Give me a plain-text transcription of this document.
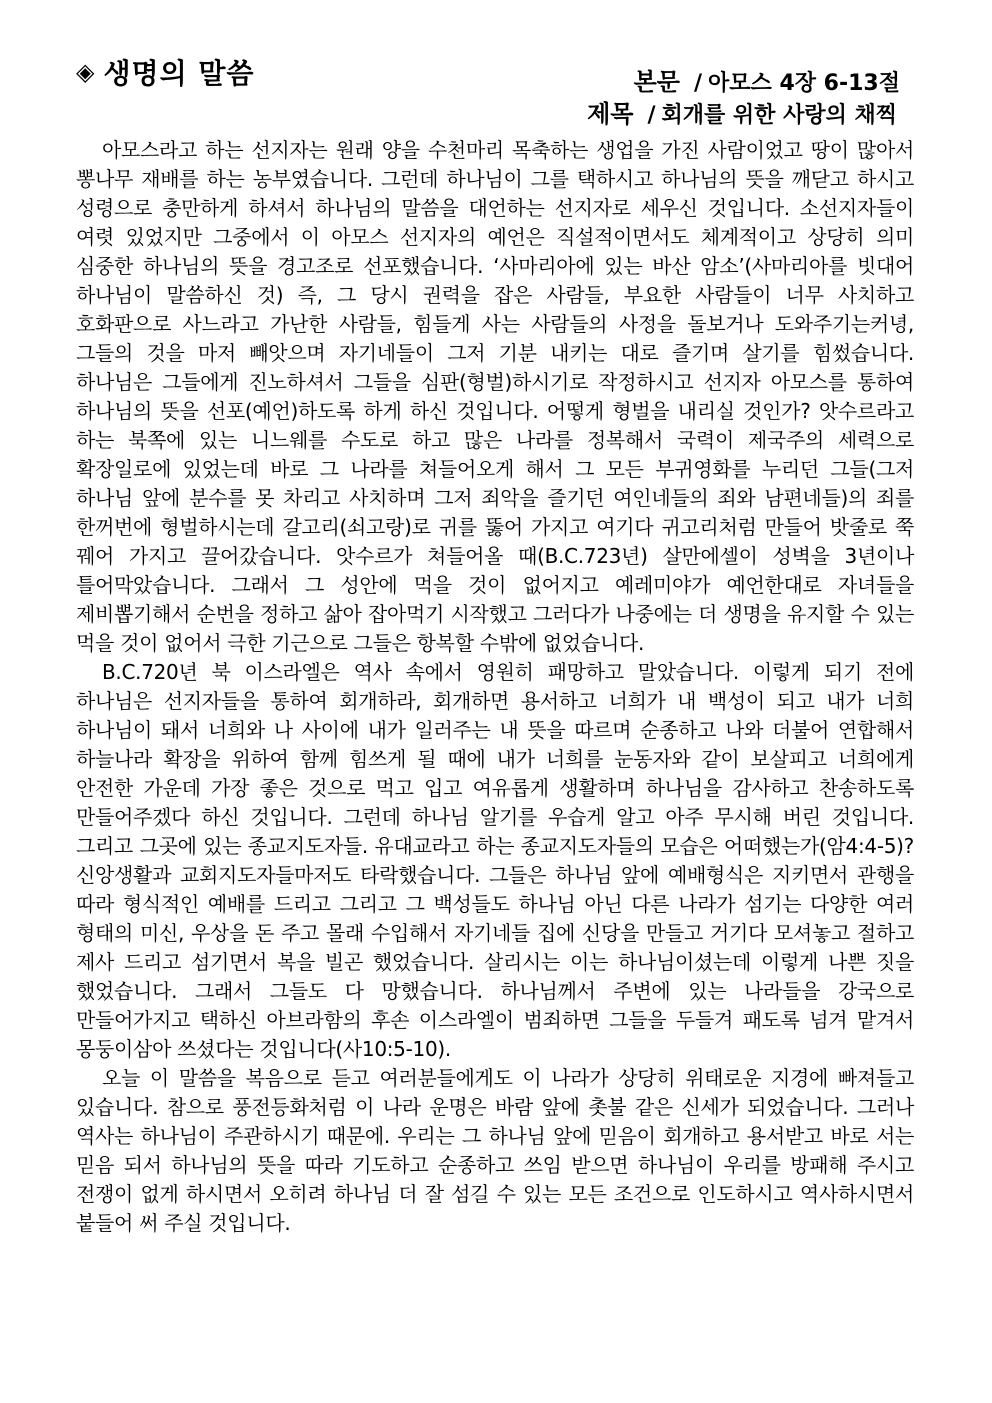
◈ 생명의 말씀	본문 / 아모스 4장 6-13절
제목 / 회개를 위한 사랑의 채찍

아모스라고 하는 선지자는 원래 양을 수천마리 목축하는 생업을 가진 사람이었고 땅이 많아서 뽕나무 재배를 하는 농부였습니다. 그런데 하나님이 그를 택하시고 하나님의 뜻을 깨닫고 하시고 성령으로 충만하게 하셔서 하나님의 말씀을 대언하는 선지자로 세우신 것입니다. 소선지자들이 여렷 있었지만 그중에서 이 아모스 선지자의 예언은 직설적이면서도 체계적이고 상당히 의미 심중한 하나님의 뜻을 경고조로 선포했습니다. ‘사마리아에 있는 바산 암소’(사마리아를 빗대어 하나님이 말씀하신 것) 즉, 그 당시 권력을 잡은 사람들, 부요한 사람들이 너무 사치하고 호화판으로 사느라고 가난한 사람들, 힘들게 사는 사람들의 사정을 돌보거나 도와주기는커녕, 그들의 것을 마저 빼앗으며 자기네들이 그저 기분 내키는 대로 즐기며 살기를 힘썼습니다. 하나님은 그들에게 진노하셔서 그들을 심판(형벌)하시기로 작정하시고 선지자 아모스를 통하여 하나님의 뜻을 선포(예언)하도록 하게 하신 것입니다. 어떻게 형벌을 내리실 것인가? 앗수르라고 하는 북쪽에 있는 니느웨를 수도로 하고 많은 나라를 정복해서 국력이 제국주의 세력으로 확장일로에 있었는데 바로 그 나라를 쳐들어오게 해서 그 모든 부귀영화를 누리던 그들(그저 하나님 앞에 분수를 못 차리고 사치하며 그저 죄악을 즐기던 여인네들의 죄와 남편네들)의 죄를 한꺼번에 형벌하시는데 갈고리(쇠고랑)로 귀를 뚫어 가지고 여기다 귀고리처럼 만들어 밧줄로 쭉 꿰어 가지고 끌어갔습니다. 앗수르가 쳐들어올 때(B.C.723년) 살만에셀이 성벽을 3년이나 틀어막았습니다. 그래서 그 성안에 먹을 것이 없어지고 예레미야가 예언한대로 자녀들을 제비뽑기해서 순번을 정하고 삶아 잡아먹기 시작했고 그러다가 나중에는 더 생명을 유지할 수 있는 먹을 것이 없어서 극한 기근으로 그들은 항복할 수밖에 없었습니다.

B.C.720년 북 이스라엘은 역사 속에서 영원히 패망하고 말았습니다. 이렇게 되기 전에 하나님은 선지자들을 통하여 회개하라, 회개하면 용서하고 너희가 내 백성이 되고 내가 너희 하나님이 돼서 너희와 나 사이에 내가 일러주는 내 뜻을 따르며 순종하고 나와 더불어 연합해서 하늘나라 확장을 위하여 함께 힘쓰게 될 때에 내가 너희를 눈동자와 같이 보살피고 너희에게 안전한 가운데 가장 좋은 것으로 먹고 입고 여유롭게 생활하며 하나님을 감사하고 찬송하도록 만들어주겠다 하신 것입니다. 그런데 하나님 알기를 우습게 알고 아주 무시해 버린 것입니다. 그리고 그곳에 있는 종교지도자들. 유대교라고 하는 종교지도자들의 모습은 어떠했는가(암4:4-5)? 신앙생활과 교회지도자들마저도 타락했습니다. 그들은 하나님 앞에 예배형식은 지키면서 관행을 따라 형식적인 예배를 드리고 그리고 그 백성들도 하나님 아닌 다른 나라가 섬기는 다양한 여러 형태의 미신, 우상을 돈 주고 몰래 수입해서 자기네들 집에 신당을 만들고 거기다 모셔놓고 절하고 제사 드리고 섬기면서 복을 빌곤 했었습니다. 살리시는 이는 하나님이셨는데 이렇게 나쁜 짓을 했었습니다. 그래서 그들도 다 망했습니다. 하나님께서 주변에 있는 나라들을 강국으로 만들어가지고 택하신 아브라함의 후손 이스라엘이 범죄하면 그들을 두들겨 패도록 넘겨 맡겨서 몽둥이삼아 쓰셨다는 것입니다(사10:5-10).

오늘 이 말씀을 복음으로 듣고 여러분들에게도 이 나라가 상당히 위태로운 지경에 빠져들고 있습니다. 참으로 풍전등화처럼 이 나라 운명은 바람 앞에 촛불 같은 신세가 되었습니다. 그러나 역사는 하나님이 주관하시기 때문에. 우리는 그 하나님 앞에 믿음이 회개하고 용서받고 바로 서는 믿음 되서 하나님의 뜻을 따라 기도하고 순종하고 쓰임 받으면 하나님이 우리를 방패해 주시고 전쟁이 없게 하시면서 오히려 하나님 더 잘 섬길 수 있는 모든 조건으로 인도하시고 역사하시면서 붙들어 써 주실 것입니다.
